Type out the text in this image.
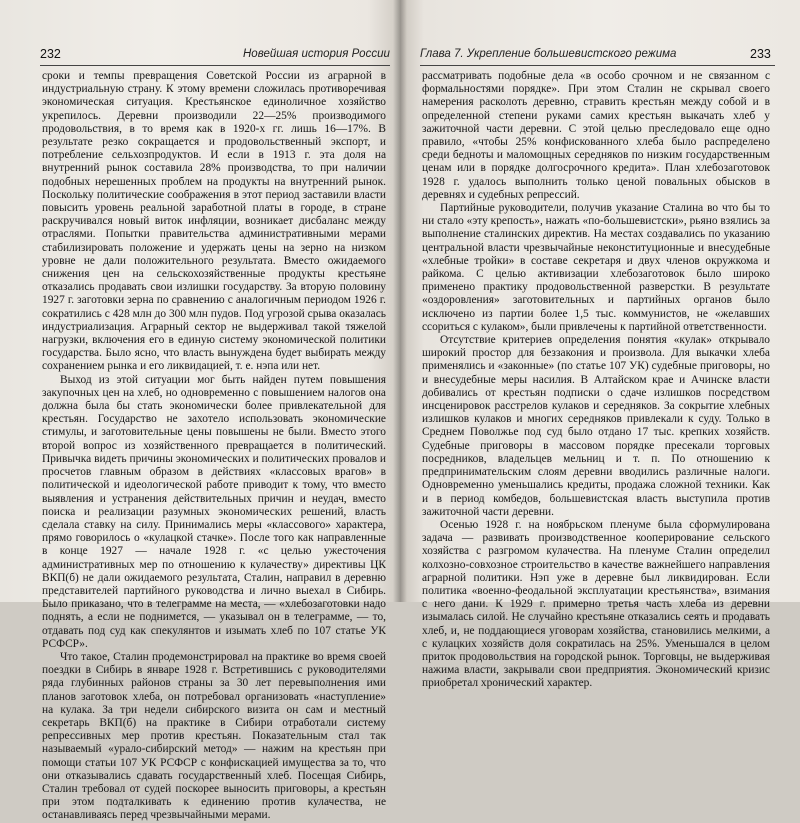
232	Новейшая история России

сроки и темпы превращения Советской России из аграрной в индустриальную страну. К этому времени сложилась противоречивая экономическая ситуация. Крестьянское единоличное хозяйство укрепилось. Деревни производили 22—25% производимого продовольствия, в то время как в 1920-х гг. лишь 16—17%. В результате резко сокращается и продовольственный экспорт, и потребление сельхозпродуктов. И если в 1913 г. эта доля на внутренний рынок составила 28% производства, то при наличии подобных нерешенных проблем на продукты на внутренний рынок. Поскольку политические соображения в этот период заставили власти повысить уровень реальной заработной платы в городе, в стране раскручивался новый виток инфляции, возникает дисбаланс между отраслями. Попытки правительства административными мерами стабилизировать положение и удержать цены на зерно на низком уровне не дали положительного результата. Вместо ожидаемого снижения цен на сельскохозяйственные продукты крестьяне отказались продавать свои излишки государству. За вторую половину 1927 г. заготовки зерна по сравнению с аналогичным периодом 1926 г. сократились с 428 млн до 300 млн пудов. Под угрозой срыва оказалась индустриализация. Аграрный сектор не выдерживал такой тяжелой нагрузки, включения его в единую систему экономической политики государства. Было ясно, что власть вынуждена будет выбирать между сохранением рынка и его ликвидацией, т. е. нэпа или нет.

Выход из этой ситуации мог быть найден путем повышения закупочных цен на хлеб, но одновременно с повышением налогов она должна была бы стать экономически более привлекательной для крестьян. Государство не захотело использовать экономические стимулы, и заготовительные цены повышены не были. Вместо этого второй вопрос из хозяйственного превращается в политический. Привычка видеть причины экономических и политических провалов и просчетов главным образом в действиях «классовых врагов» в политической и идеологической работе приводит к тому, что вместо выявления и устранения действительных причин и неудач, вместо поиска и реализации разумных экономических решений, власть сделала ставку на силу. Принимались меры «классового» характера, прямо говорилось о «кулацкой стачке». После того как направленные в конце 1927 — начале 1928 г. «с целью ужесточения административных мер по отношению к кулачеству» директивы ЦК ВКП(б) не дали ожидаемого результата, Сталин, направил в деревню представителей партийного руководства и лично выехал в Сибирь. Было приказано, что в телеграмме на места, — «хлебозаготовки надо поднять, а если не поднимется, — указывал он в телеграмме, — то, отдавать под суд как спекулянтов и изымать хлеб по 107 статье УК РСФСР».

Что такое, Сталин продемонстрировал на практике во время своей поездки в Сибирь в январе 1928 г. Встретившись с руководителями ряда глубинных районов страны за 30 лет перевыполнения ими планов заготовок хлеба, он потребовал организовать «наступление» на кулака. За три недели сибирского визита он сам и местный секретарь ВКП(б) на практике в Сибири отработали систему репрессивных мер против крестьян. Показательным стал так называемый «урало-сибирский метод» — нажим на крестьян при помощи статьи 107 УК РСФСР с конфискацией имущества за то, что они отказывались сдавать государственный хлеб. Посещая Сибирь, Сталин требовал от судей поскорее выносить приговоры, а крестьян при этом подталкивать к единению против кулачества, не останавливаясь перед чрезвычайными мерами.

Глава 7. Укрепление большевистского режима	233

рассматривать подобные дела «в особо срочном и не связанном с формальностями порядке». При этом Сталин не скрывал своего намерения расколоть деревню, стравить крестьян между собой и в определенной степени руками самих крестьян выкачать хлеб у зажиточной части деревни. С этой целью преследовало еще одно правило, «чтобы 25% конфискованного хлеба было распределено среди бедноты и маломощных середняков по низким государственным ценам или в порядке долгосрочного кредита». План хлебозаготовок 1928 г. удалось выполнить только ценой повальных обысков в деревнях и судебных репрессий.

Партийные руководители, получив указание Сталина во что бы то ни стало «эту крепость», нажать «по-большевистски», рьяно взялись за выполнение сталинских директив. На местах создавались по указанию центральной власти чрезвычайные неконституционные и внесудебные «хлебные тройки» в составе секретаря и двух членов окружкома и райкома. С целью активизации хлебозаготовок было широко применено практику продовольственной разверстки. В результате «оздоровления» заготовительных и партийных органов было исключено из партии более 1,5 тыс. коммунистов, не «желавших ссориться с кулаком», были привлечены к партийной ответственности.

Отсутствие критериев определения понятия «кулак» открывало широкий простор для беззакония и произвола. Для выкачки хлеба применялись и «законные» (по статье 107 УК) судебные приговоры, но и внесудебные меры насилия. В Алтайском крае и Ачинске власти добивались от крестьян подписки о сдаче излишков посредством инсценировок расстрелов кулаков и середняков. За сокрытие хлебных излишков кулаков и многих середняков привлекали к суду. Только в Среднем Поволжье под суд было отдано 17 тыс. крепких хозяйств. Судебные приговоры в массовом порядке пресекали торговых посредников, владельцев мельниц и т. п. По отношению к предпринимательским слоям деревни вводились различные налоги. Одновременно уменьшались кредиты, продажа сложной техники. Как и в период комбедов, большевистская власть выступила против зажиточной части деревни.

Осенью 1928 г. на ноябрьском пленуме была сформулирована задача — развивать производственное кооперирование сельского хозяйства с разгромом кулачества. На пленуме Сталин определил колхозно-совхозное строительство в качестве важнейшего направления аграрной политики. Нэп уже в деревне был ликвидирован. Если политика «военно-феодальной эксплуатации крестьянства», взимания с него дани. К 1929 г. примерно третья часть хлеба из деревни изымалась силой. Не случайно крестьяне отказались сеять и продавать хлеб, и, не поддающиеся уговорам хозяйства, становились мелкими, а с кулацких хозяйств доля сократилась на 25%. Уменьшался в целом приток продовольствия на городской рынок. Торговцы, не выдерживая нажима власти, закрывали свои предприятия. Экономический кризис приобретал хронический характер.
